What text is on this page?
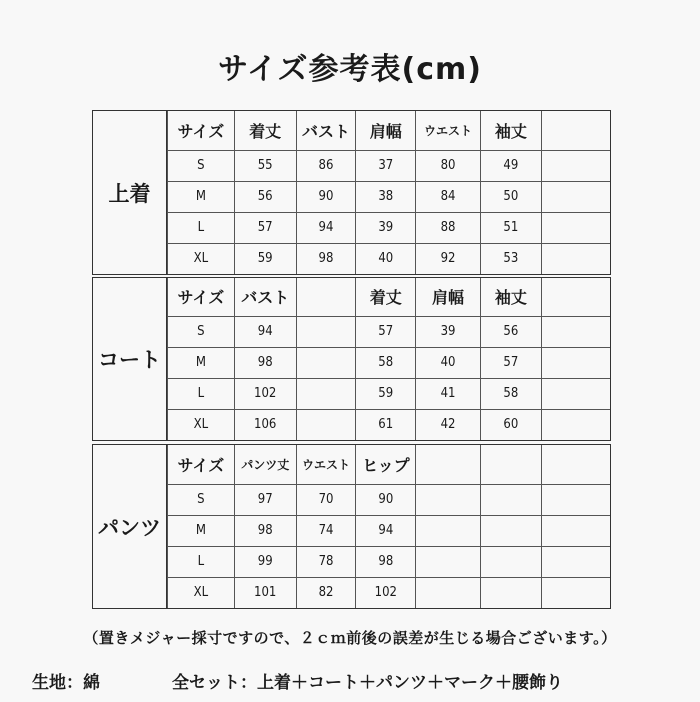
サイズ参考表(cm)
上着
サイズ	着丈	バスト	肩幅	ウエスト	袖丈	
S	55	86	37	80	49	
M	56	90	38	84	50	
L	57	94	39	88	51	
XL	59	98	40	92	53	
コート
サイズ	バスト		着丈	肩幅	袖丈	
S	94		57	39	56	
M	98		58	40	57	
L	102		59	41	58	
XL	106		61	42	60	
パンツ
サイズ	パンツ丈	ウエスト	ヒップ			
S	97	70	90			
M	98	74	94			
L	99	78	98			
XL	101	82	102			
（置きメジャー採寸ですので、２ｃｍ前後の誤差が生じる場合ございます。）
生地：綿	全セット：上着＋コート＋パンツ＋マーク＋腰飾り
